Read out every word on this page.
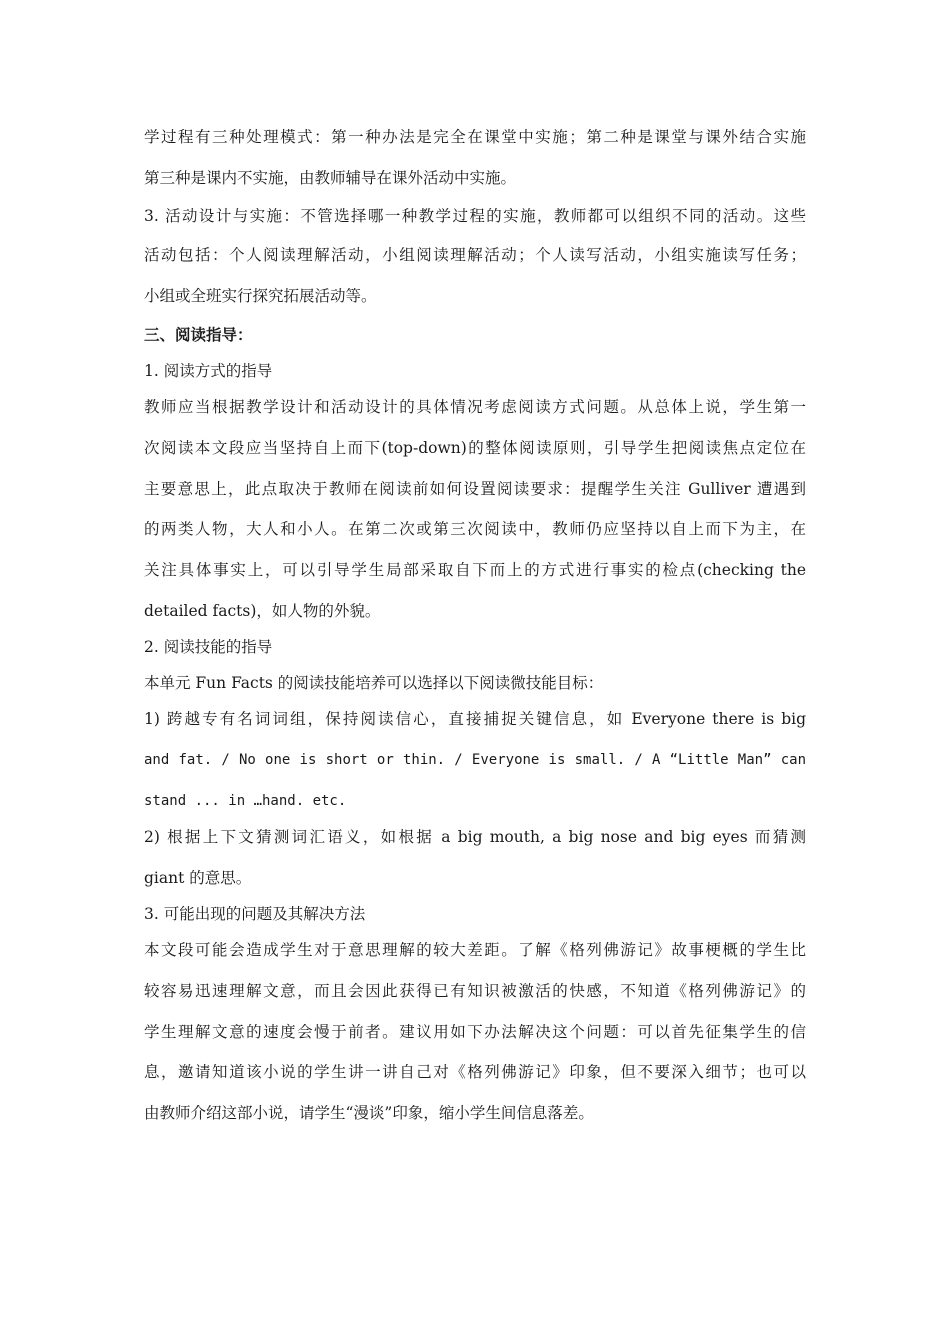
学过程有三种处理模式：第一种办法是完全在课堂中实施；第二种是课堂与课外结合实施
第三种是课内不实施，由教师辅导在课外活动中实施。
3. 活动设计与实施：不管选择哪一种教学过程的实施，教师都可以组织不同的活动。这些
活动包括：个人阅读理解活动，小组阅读理解活动；个人读写活动，小组实施读写任务；
小组或全班实行探究拓展活动等。
三、阅读指导：
1. 阅读方式的指导
教师应当根据教学设计和活动设计的具体情况考虑阅读方式问题。从总体上说，学生第一
次阅读本文段应当坚持自上而下(top-down)的整体阅读原则，引导学生把阅读焦点定位在
主要意思上，此点取决于教师在阅读前如何设置阅读要求：提醒学生关注 Gulliver 遭遇到
的两类人物，大人和小人。在第二次或第三次阅读中，教师仍应坚持以自上而下为主，在
关注具体事实上，可以引导学生局部采取自下而上的方式进行事实的检点(checking the
detailed facts)，如人物的外貌。
2. 阅读技能的指导
本单元 Fun Facts 的阅读技能培养可以选择以下阅读微技能目标：
1) 跨越专有名词词组，保持阅读信心，直接捕捉关键信息，如 Everyone there is big
and fat. / No one is short or thin. / Everyone is small. / A “Little Man” can
stand ... in …hand. etc.
2) 根据上下文猜测词汇语义，如根据 a big mouth, a big nose and big eyes 而猜测
giant 的意思。
3. 可能出现的问题及其解决方法
本文段可能会造成学生对于意思理解的较大差距。了解《格列佛游记》故事梗概的学生比
较容易迅速理解文意，而且会因此获得已有知识被激活的快感，不知道《格列佛游记》的
学生理解文意的速度会慢于前者。建议用如下办法解决这个问题：可以首先征集学生的信
息，邀请知道该小说的学生讲一讲自己对《格列佛游记》印象，但不要深入细节；也可以
由教师介绍这部小说，请学生“漫谈”印象，缩小学生间信息落差。
